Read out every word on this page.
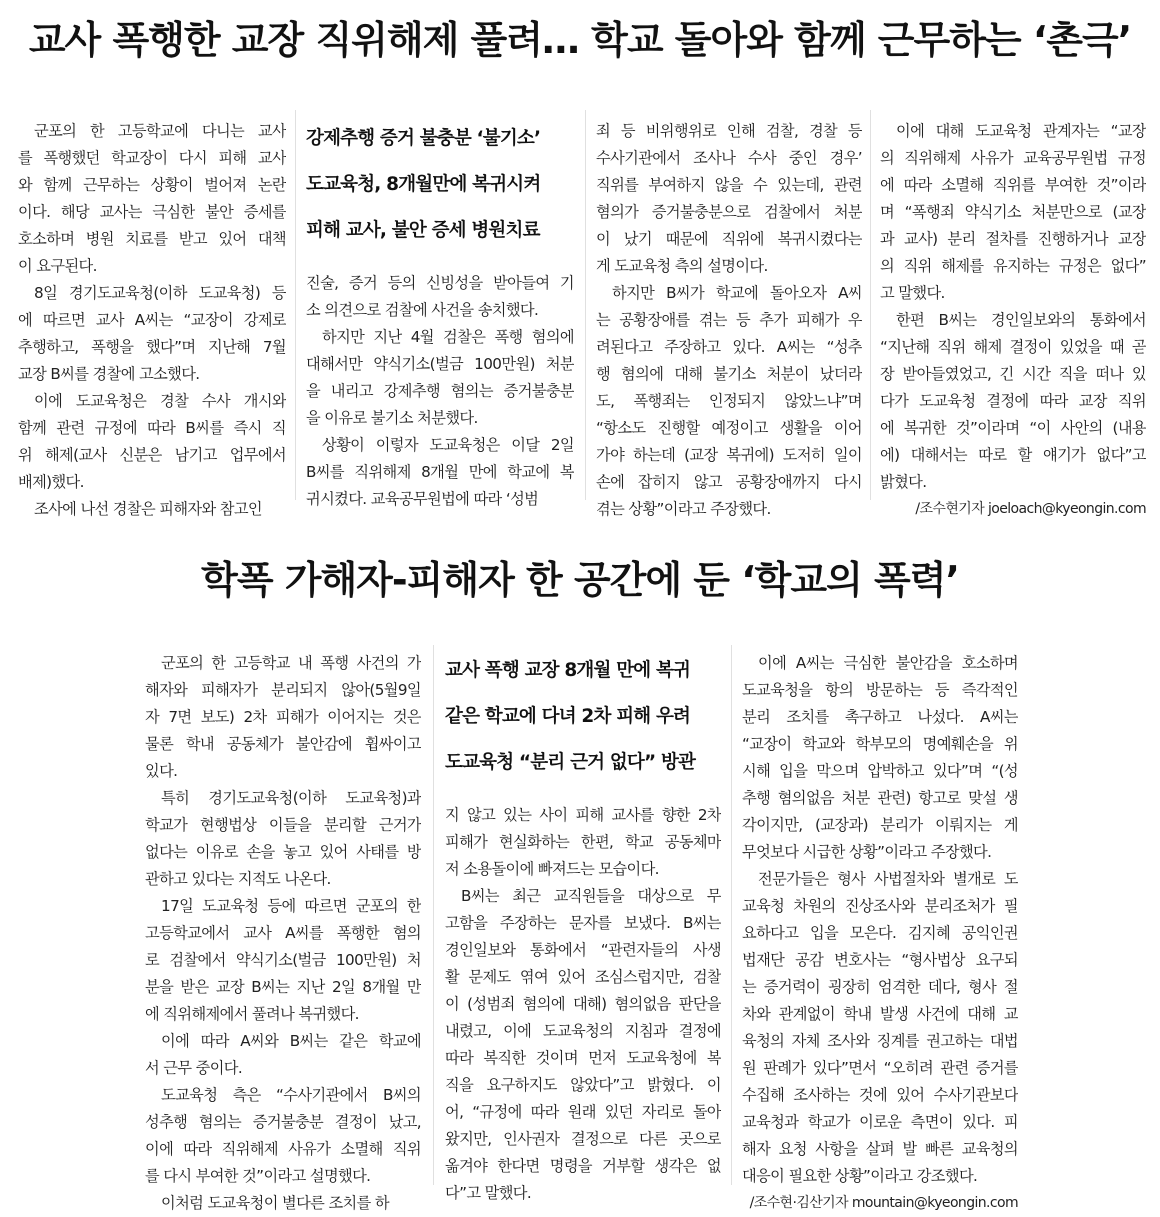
교사 폭행한 교장 직위해제 풀려… 학교 돌아와 함께 근무하는 ‘촌극’
군포의 한 고등학교에 다니는 교사
를 폭행했던 학교장이 다시 피해 교사
와 함께 근무하는 상황이 벌어져 논란
이다. 해당 교사는 극심한 불안 증세를
호소하며 병원 치료를 받고 있어 대책
이 요구된다.
8일 경기도교육청(이하 도교육청) 등
에 따르면 교사 A씨는 “교장이 강제로
추행하고, 폭행을 했다”며 지난해 7월
교장 B씨를 경찰에 고소했다.
이에 도교육청은 경찰 수사 개시와
함께 관련 규정에 따라 B씨를 즉시 직
위 해제(교사 신분은 남기고 업무에서
배제)했다.
조사에 나선 경찰은 피해자와 참고인
강제추행 증거 불충분 ‘불기소’
도교육청, 8개월만에 복귀시켜
피해 교사, 불안 증세 병원치료
진술, 증거 등의 신빙성을 받아들여 기
소 의견으로 검찰에 사건을 송치했다.
하지만 지난 4월 검찰은 폭행 혐의에
대해서만 약식기소(벌금 100만원) 처분
을 내리고 강제추행 혐의는 증거불충분
을 이유로 불기소 처분했다.
상황이 이렇자 도교육청은 이달 2일
B씨를 직위해제 8개월 만에 학교에 복
귀시켰다. 교육공무원법에 따라 ‘성범
죄 등 비위행위로 인해 검찰, 경찰 등
수사기관에서 조사나 수사 중인 경우’
직위를 부여하지 않을 수 있는데, 관련
혐의가 증거불충분으로 검찰에서 처분
이 났기 때문에 직위에 복귀시켰다는
게 도교육청 측의 설명이다.
하지만 B씨가 학교에 돌아오자 A씨
는 공황장애를 겪는 등 추가 피해가 우
려된다고 주장하고 있다. A씨는 “성추
행 혐의에 대해 불기소 처분이 났더라
도, 폭행죄는 인정되지 않았느냐”며
“항소도 진행할 예정이고 생활을 이어
가야 하는데 (교장 복귀에) 도저히 일이
손에 잡히지 않고 공황장애까지 다시
겪는 상황”이라고 주장했다.
이에 대해 도교육청 관계자는 “교장
의 직위해제 사유가 교육공무원법 규정
에 따라 소멸해 직위를 부여한 것”이라
며 “폭행죄 약식기소 처분만으로 (교장
과 교사) 분리 절차를 진행하거나 교장
의 직위 해제를 유지하는 규정은 없다”
고 말했다.
한편 B씨는 경인일보와의 통화에서
“지난해 직위 해제 결정이 있었을 때 곧
장 받아들였었고, 긴 시간 직을 떠나 있
다가 도교육청 결정에 따라 교장 직위
에 복귀한 것”이라며 “이 사안의 (내용
에) 대해서는 따로 할 얘기가 없다”고
밝혔다.
/조수현기자 joeloach@kyeongin.com
학폭 가해자-피해자 한 공간에 둔 ‘학교의 폭력’
군포의 한 고등학교 내 폭행 사건의 가
해자와 피해자가 분리되지 않아(5월9일
자 7면 보도) 2차 피해가 이어지는 것은
물론 학내 공동체가 불안감에 휩싸이고
있다.
특히 경기도교육청(이하 도교육청)과
학교가 현행법상 이들을 분리할 근거가
없다는 이유로 손을 놓고 있어 사태를 방
관하고 있다는 지적도 나온다.
17일 도교육청 등에 따르면 군포의 한
고등학교에서 교사 A씨를 폭행한 혐의
로 검찰에서 약식기소(벌금 100만원) 처
분을 받은 교장 B씨는 지난 2일 8개월 만
에 직위해제에서 풀려나 복귀했다.
이에 따라 A씨와 B씨는 같은 학교에
서 근무 중이다.
도교육청 측은 “수사기관에서 B씨의
성추행 혐의는 증거불충분 결정이 났고,
이에 따라 직위해제 사유가 소멸해 직위
를 다시 부여한 것”이라고 설명했다.
이처럼 도교육청이 별다른 조치를 하
교사 폭행 교장 8개월 만에 복귀
같은 학교에 다녀 2차 피해 우려
도교육청 “분리 근거 없다” 방관
지 않고 있는 사이 피해 교사를 향한 2차
피해가 현실화하는 한편, 학교 공동체마
저 소용돌이에 빠져드는 모습이다.
B씨는 최근 교직원들을 대상으로 무
고함을 주장하는 문자를 보냈다. B씨는
경인일보와 통화에서 “관련자들의 사생
활 문제도 엮여 있어 조심스럽지만, 검찰
이 (성범죄 혐의에 대해) 혐의없음 판단을
내렸고, 이에 도교육청의 지침과 결정에
따라 복직한 것이며 먼저 도교육청에 복
직을 요구하지도 않았다”고 밝혔다. 이
어, “규정에 따라 원래 있던 자리로 돌아
왔지만, 인사권자 결정으로 다른 곳으로
옮겨야 한다면 명령을 거부할 생각은 없
다”고 말했다.
이에 A씨는 극심한 불안감을 호소하며
도교육청을 항의 방문하는 등 즉각적인
분리 조치를 촉구하고 나섰다. A씨는
“교장이 학교와 학부모의 명예훼손을 위
시해 입을 막으며 압박하고 있다”며 “(성
추행 혐의없음 처분 관련) 항고로 맞설 생
각이지만, (교장과) 분리가 이뤄지는 게
무엇보다 시급한 상황”이라고 주장했다.
전문가들은 형사 사법절차와 별개로 도
교육청 차원의 진상조사와 분리조처가 필
요하다고 입을 모은다. 김지혜 공익인권
법재단 공감 변호사는 “형사법상 요구되
는 증거력이 굉장히 엄격한 데다, 형사 절
차와 관계없이 학내 발생 사건에 대해 교
육청의 자체 조사와 징계를 권고하는 대법
원 판례가 있다”면서 “오히려 관련 증거를
수집해 조사하는 것에 있어 수사기관보다
교육청과 학교가 이로운 측면이 있다. 피
해자 요청 사항을 살펴 발 빠른 교육청의
대응이 필요한 상황”이라고 강조했다.
/조수현·김산기자 mountain@kyeongin.com
